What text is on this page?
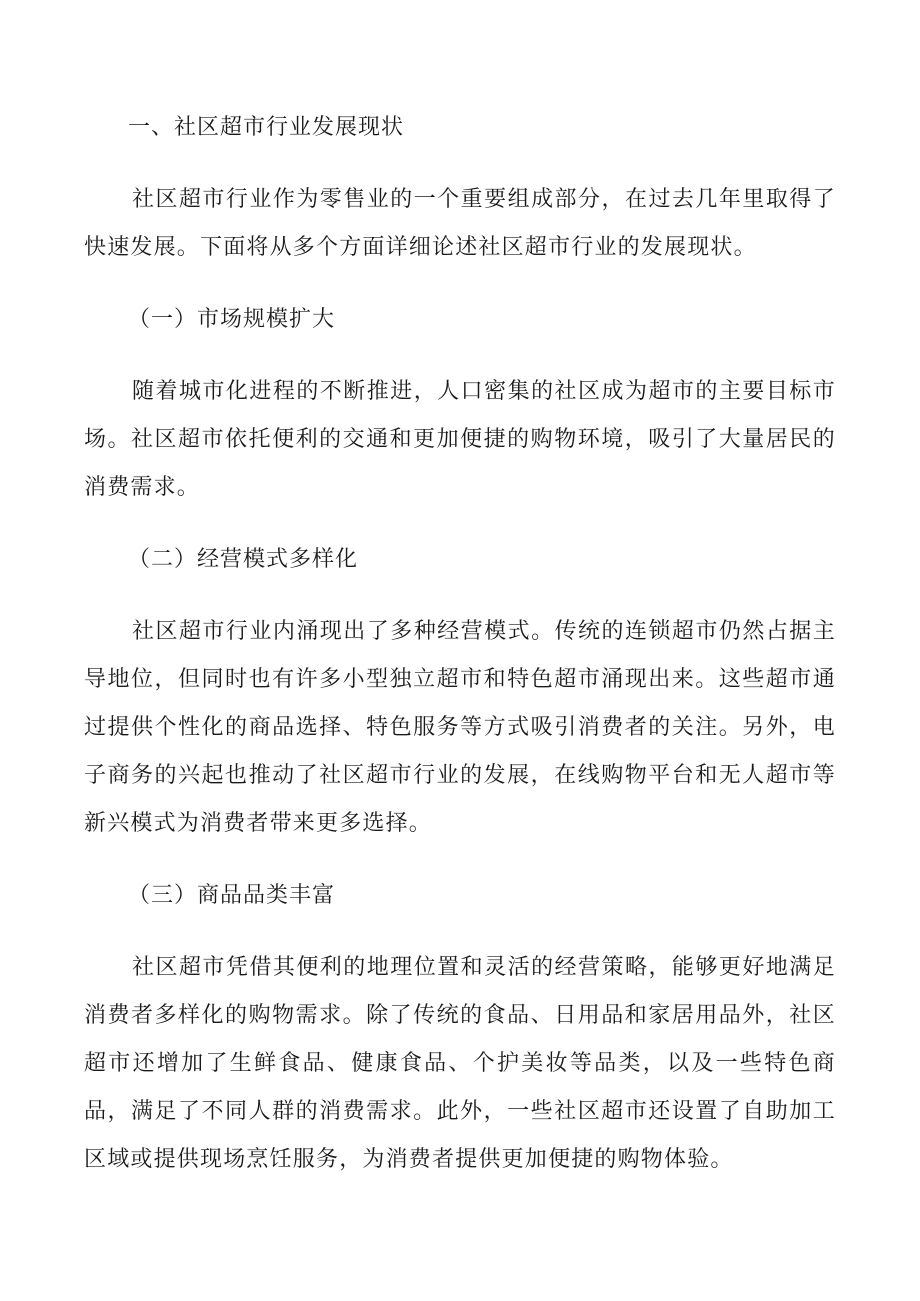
一、社区超市行业发展现状

社区超市行业作为零售业的一个重要组成部分，在过去几年里取得了快速发展。下面将从多个方面详细论述社区超市行业的发展现状。

（一）市场规模扩大

随着城市化进程的不断推进，人口密集的社区成为超市的主要目标市场。社区超市依托便利的交通和更加便捷的购物环境，吸引了大量居民的消费需求。

（二）经营模式多样化

社区超市行业内涌现出了多种经营模式。传统的连锁超市仍然占据主导地位，但同时也有许多小型独立超市和特色超市涌现出来。这些超市通过提供个性化的商品选择、特色服务等方式吸引消费者的关注。另外，电子商务的兴起也推动了社区超市行业的发展，在线购物平台和无人超市等新兴模式为消费者带来更多选择。

（三）商品品类丰富

社区超市凭借其便利的地理位置和灵活的经营策略，能够更好地满足消费者多样化的购物需求。除了传统的食品、日用品和家居用品外，社区超市还增加了生鲜食品、健康食品、个护美妆等品类，以及一些特色商品，满足了不同人群的消费需求。此外，一些社区超市还设置了自助加工区域或提供现场烹饪服务，为消费者提供更加便捷的购物体验。
